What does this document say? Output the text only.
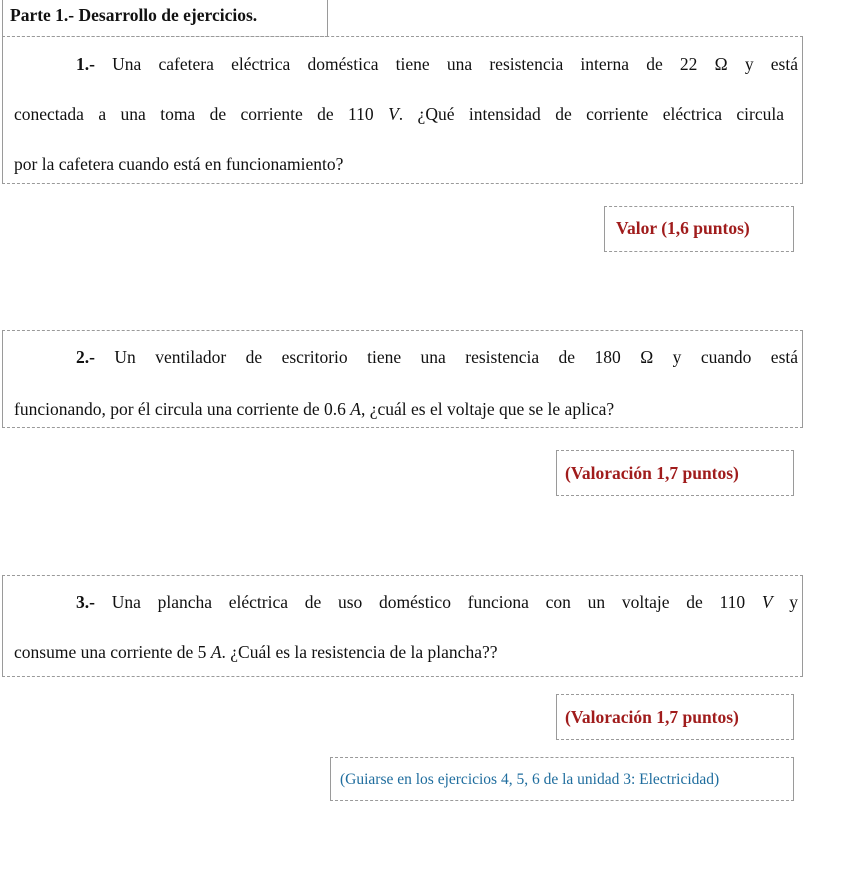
Parte 1.- Desarrollo de ejercicios.
1.- Una cafetera eléctrica doméstica tiene una resistencia interna de 22 Ω y está
conectada a una toma de corriente de 110 V. ¿Qué intensidad de corriente eléctrica circula
por la cafetera cuando está en funcionamiento?
Valor (1,6 puntos)
2.- Un ventilador de escritorio tiene una resistencia de 180 Ω y cuando está
funcionando, por él circula una corriente de 0.6 A, ¿cuál es el voltaje que se le aplica?
(Valoración 1,7 puntos)
3.- Una plancha eléctrica de uso doméstico funciona con un voltaje de 110 V y
consume una corriente de 5 A. ¿Cuál es la resistencia de la plancha??
(Valoración 1,7 puntos)
(Guiarse en los ejercicios 4, 5, 6 de la unidad 3: Electricidad)
